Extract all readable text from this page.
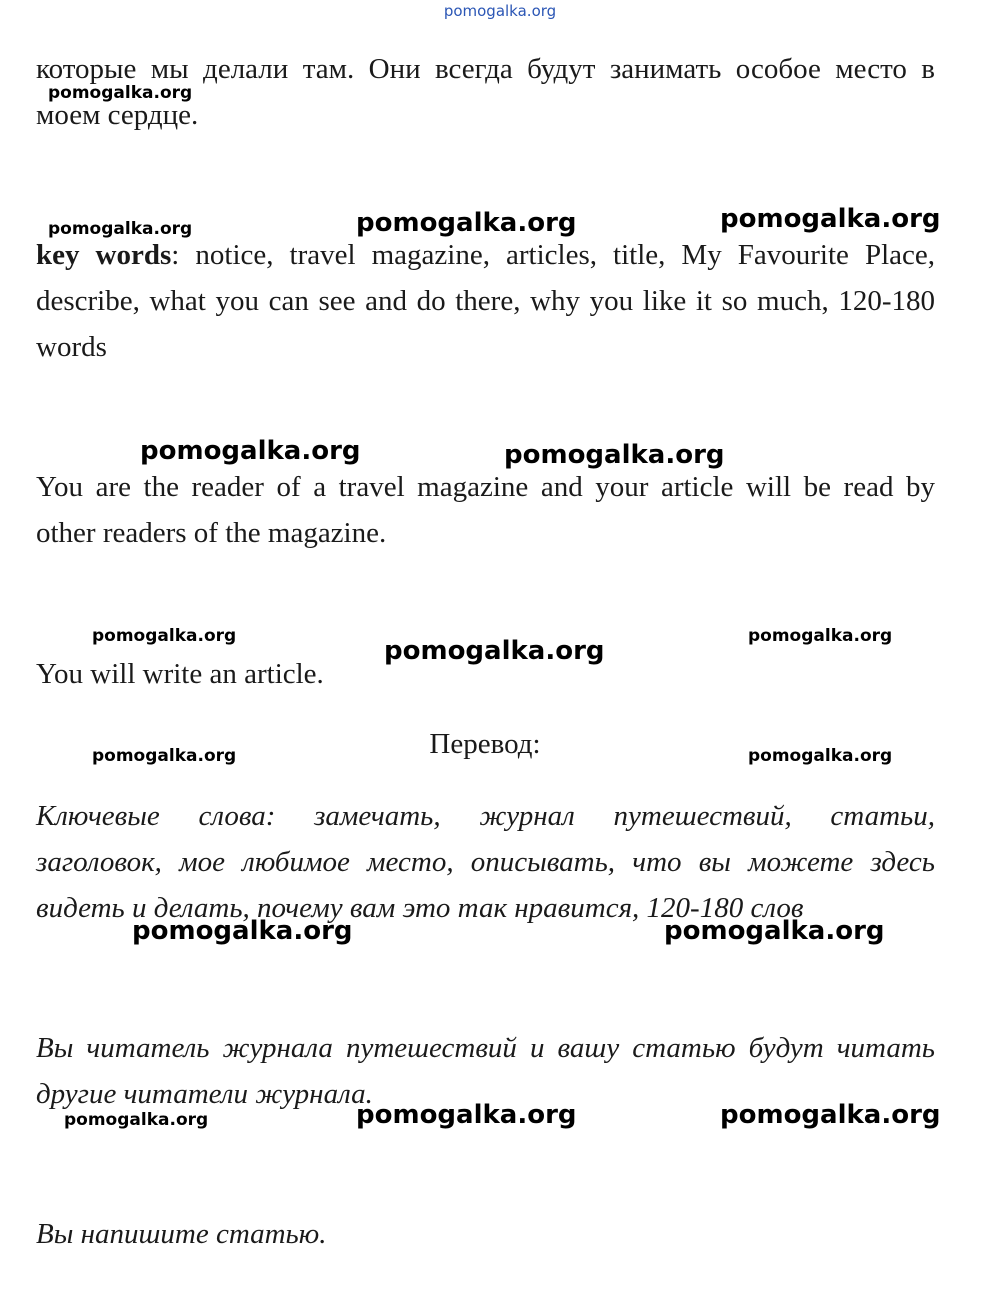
pomogalka.org
которые мы делали там. Они всегда будут занимать особое место в
моем сердце.
key words: notice, travel magazine, articles, title, My Favourite Place,
describe, what you can see and do there, why you like it so much, 120-180
words
You are the reader of a travel magazine and your article will be read by
other readers of the magazine.
You will write an article.
Перевод:
Ключевые слова: замечать, журнал путешествий, статьи,
заголовок, мое любимое место, описывать, что вы можете здесь
видеть и делать, почему вам это так нравится, 120-180 слов
Вы читатель журнала путешествий и вашу статью будут читать
другие читатели журнала.
Вы напишите статью.
pomogalka.org
pomogalka.org	pomogalka.org	pomogalka.org
pomogalka.org	pomogalka.org
pomogalka.org	pomogalka.org	pomogalka.org
pomogalka.org	pomogalka.org
pomogalka.org	pomogalka.org
pomogalka.org	pomogalka.org	pomogalka.org
